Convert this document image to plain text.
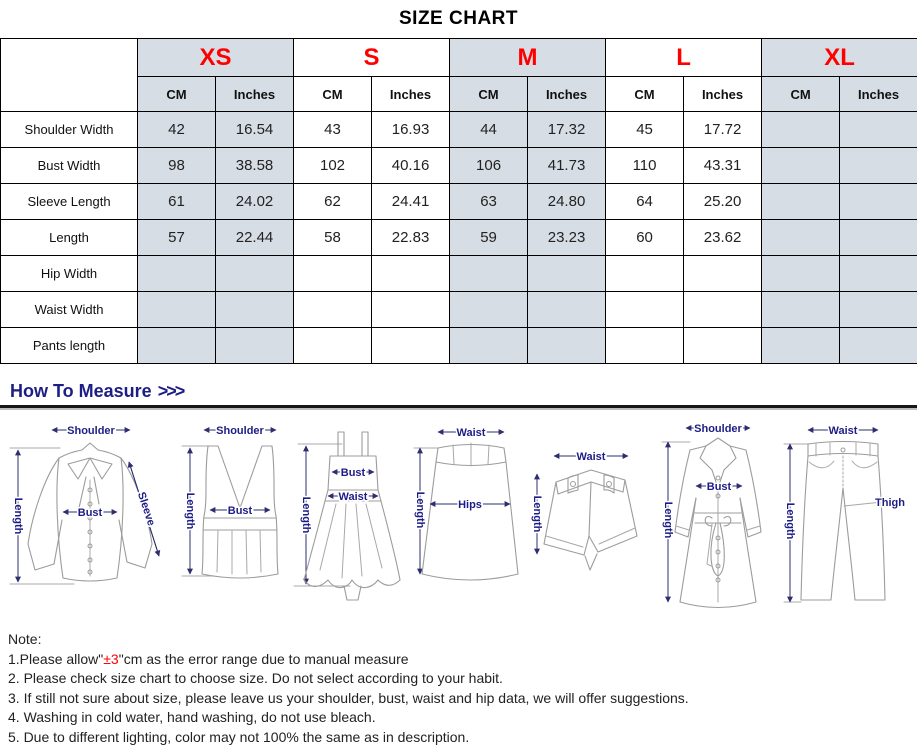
SIZE CHART
	XS		S		M		L		XL	
	CM	Inches	CM	Inches	CM	Inches	CM	Inches	CM	Inches
Shoulder Width	42	16.54	43	16.93	44	17.32	45	17.72		
Bust Width	98	38.58	102	40.16	106	41.73	110	43.31		
Sleeve Length	61	24.02	62	24.41	63	24.80	64	25.20		
Length	57	22.44	58	22.83	59	23.23	60	23.62		
Hip Width										
Waist Width										
Pants length										
How To Measure >>>
Shoulder
Length	Bust	Sleeve
Shoulder
Length	Bust
Bust
Waist
Length
Waist
Hips
Length
Waist
Length
Shoulder
Bust
Length
Waist
Thigh
Length
Note:
1.Please allow"±3"cm as the error range due to manual measure
2. Please check size chart to choose size. Do not select according to your habit.
3. If still not sure about size, please leave us your shoulder, bust, waist and hip data, we will offer suggestions.
4. Washing in cold water, hand washing, do not use bleach.
5. Due to different lighting, color may not 100% the same as in description.
